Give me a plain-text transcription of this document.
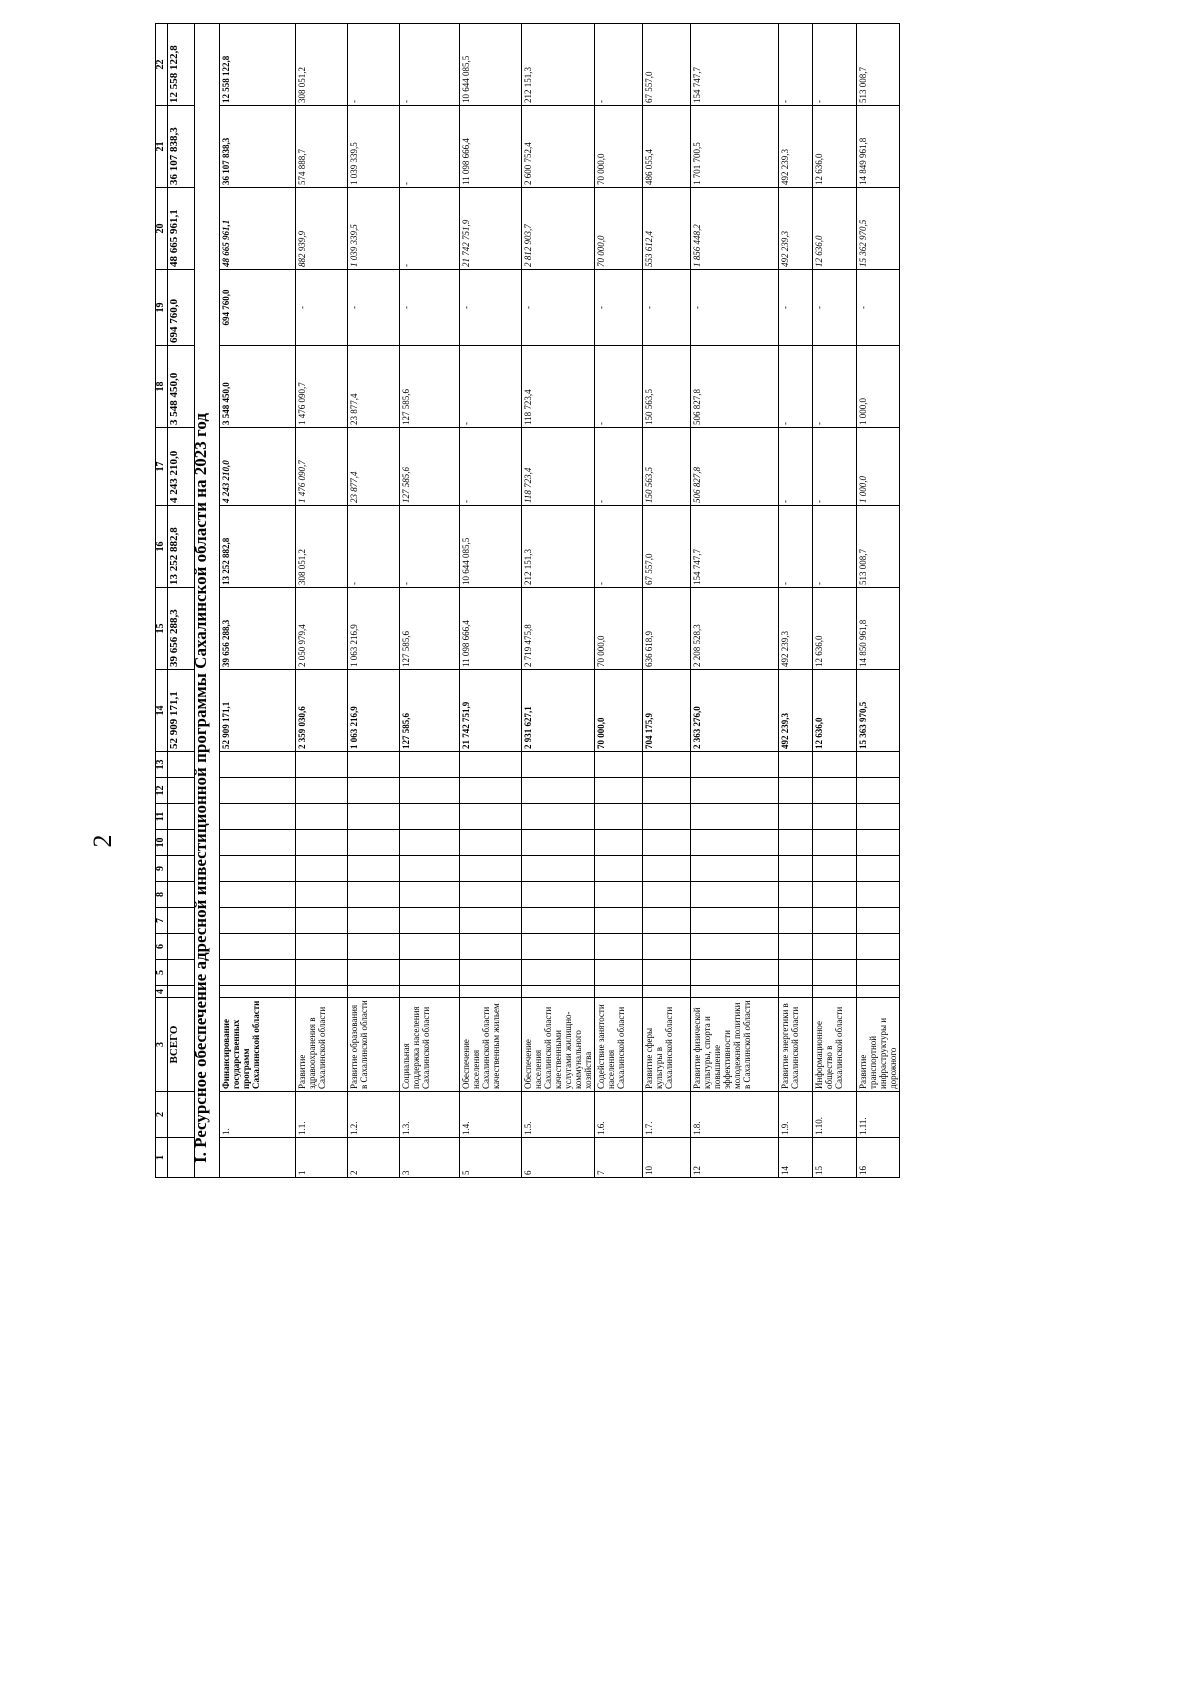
2
1	2	3	4	5	6	7	8	9	10	11	12	13	14	15	16	17	18	19	20	21	22
		ВСЕГО											52 909 171,1	39 656 288,3	13 252 882,8	4 243 210,0	3 548 450,0	694 760,0	48 665 961,1	36 107 838,3	12 558 122,8
I. Ресурсное обеспечение адресной инвестиционной программы Сахалинской области на 2023 год																					
	1.	Финансирование государственных программ Сахалинской области											52 909 171,1	39 656 288,3	13 252 882,8	4 243 210,0	3 548 450,0	694 760,0	48 665 961,1	36 107 838,3	12 558 122,8
1	1.1.	Развитие здравоохранения в Сахалинской области											2 359 030,6	2 050 979,4	308 051,2	1 476 090,7	1 476 090,7	-	882 939,9	574 888,7	308 051,2
2	1.2.	Развитие образования в Сахалинской области											1 063 216,9	1 063 216,9	-	23 877,4	23 877,4	-	1 039 339,5	1 039 339,5	-
3	1.3.	Социальная поддержка населения Сахалинской области											127 585,6	127 585,6	-	127 585,6	127 585,6	-	-	-	-
5	1.4.	Обеспечение населения Сахалинской области качественным жильем											21 742 751,9	11 098 666,4	10 644 085,5	-	-	-	21 742 751,9	11 098 666,4	10 644 085,5
6	1.5.	Обеспечение населения Сахалинской области качественными услугами жилищно-коммунального хозяйства											2 931 627,1	2 719 475,8	212 151,3	118 723,4	118 723,4	-	2 812 903,7	2 600 752,4	212 151,3
7	1.6.	Содействие занятости населения Сахалинской области											70 000,0	70 000,0	-	-	-	-	70 000,0	70 000,0	-
10	1.7.	Развитие сферы культуры в Сахалинской области											704 175,9	636 618,9	67 557,0	150 563,5	150 563,5	-	553 612,4	486 055,4	67 557,0
12	1.8.	Развитие физической культуры, спорта и повышение эффективности молодежной политики в Сахалинской области											2 363 276,0	2 208 528,3	154 747,7	506 827,8	506 827,8	-	1 856 448,2	1 701 700,5	154 747,7
14	1.9.	Развитие энергетики в Сахалинской области											492 239,3	492 239,3	-	-	-	-	492 239,3	492 239,3	-
15	1.10.	Информационное общество в Сахалинской области											12 636,0	12 636,0	-	-	-	-	12 636,0	12 636,0	-
16	1.11.	Развитие транспортной инфраструктуры и дорожного											15 363 970,5	14 850 961,8	513 008,7	1 000,0	1 000,0	-	15 362 970,5	14 849 961,8	513 008,7
